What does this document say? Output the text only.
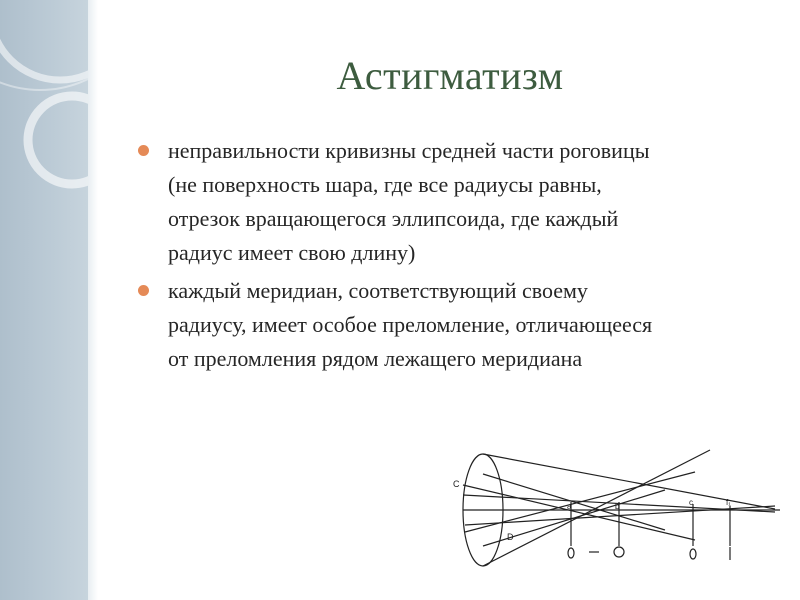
Астигматизм
неправильности кривизны средней части роговицы
(не поверхность шара, где все радиусы равны,
отрезок вращающегося эллипсоида, где каждый
радиус имеет свою длину)
каждый меридиан, соответствующий своему
радиусу, имеет особое преломление, отличающееся
от преломления рядом лежащего меридиана
C
D
a	b	c	f₁
